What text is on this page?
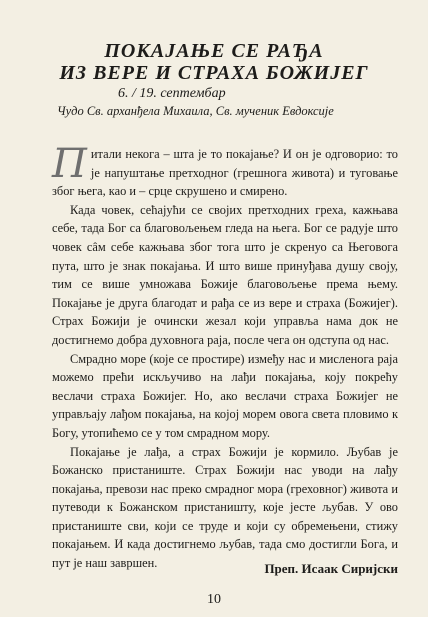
ПОКАЈАЊЕ СЕ РАЂА
ИЗ ВЕРЕ И СТРАХА БОЖИЈЕГ
6. / 19. септембар
Чудо Св. арханђела Михаила, Св. мученик Евдоксије

Питали некога – шта је то покајање? И он је одговорио: то је напуштање претходног (грешнога живота) и туговање због њега, као и – срце скрушено и смирено.

Када човек, сећајући се својих претходних греха, кажњава себе, тада Бог са благовољењем гледа на њега. Бог се радује што човек сâм себе кажњава због тога што је скренуо са Његовога пута, што је знак покајања. И што више принуђава душу своју, тим се више умножава Божије благовољење према њему. Покајање је друга благодат и рађа се из вере и страха (Божијег). Страх Божији је очински жезал који управља нама док не достигнемо добра духовнога раја, после чега он одступа од нас.

Смрадно море (које се простире) између нас и мисленога раја можемо прећи искључиво на лађи покајања, коју покрећу веслачи страха Божијег. Но, ако веслачи страха Божијег не управљају лађом покајања, на којој морем овога света пловимо к Богу, утопићемо се у том смрадном мору.

Покајање је лађа, а страх Божији је кормило. Љубав је Божанско пристаниште. Страх Божији нас уводи на лађу покајања, превози нас преко смрадног мора (греховног) живота и путеводи к Божанском пристаништу, које јесте љубав. У ово пристаниште сви, који се труде и који су обремењени, стижу покајањем. И када достигнемо љубав, тада смо достигли Бога, и пут је наш завршен.	Преп. Исаак Сиријски
10
